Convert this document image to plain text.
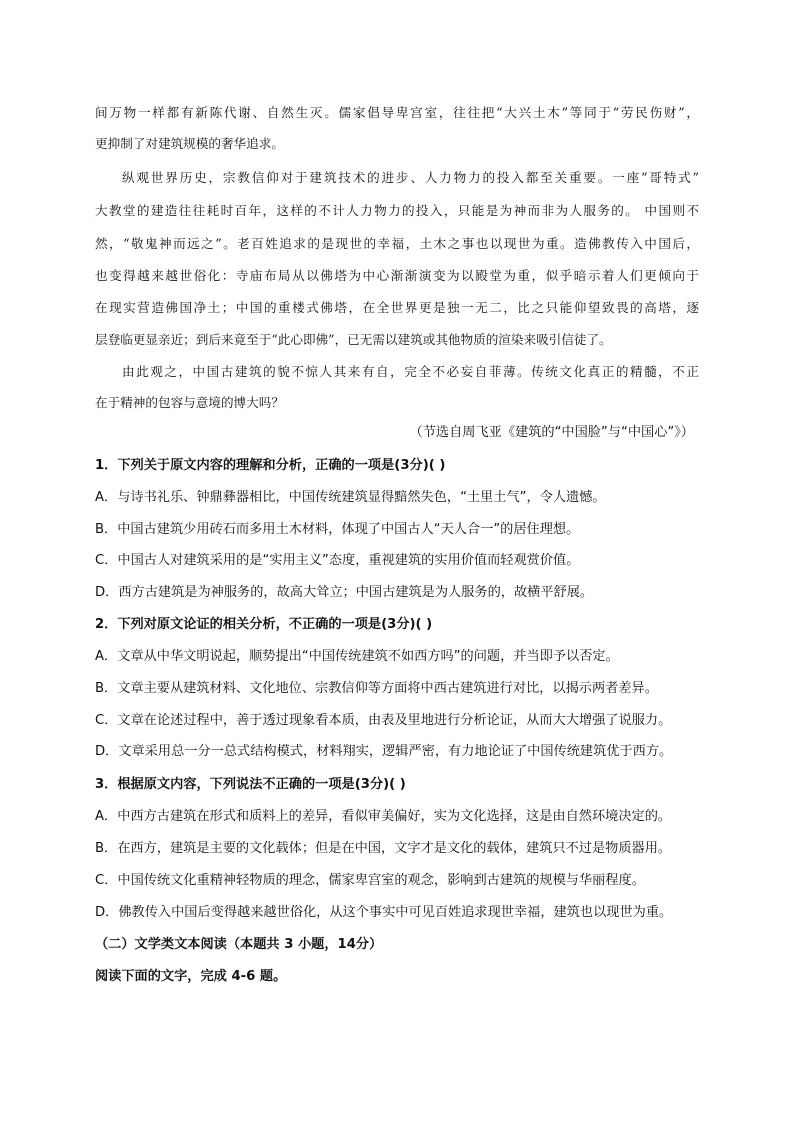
间万物一样都有新陈代谢、自然生灭。儒家倡导卑宫室，往往把“大兴土木”等同于“劳民伤财”，
更抑制了对建筑规模的奢华追求。
纵观世界历史，宗教信仰对于建筑技术的进步、人力物力的投入都至关重要。一座“哥特式”
大教堂的建造往往耗时百年，这样的不计人力物力的投入，只能是为神而非为人服务的。 中国则不
然，“敬鬼神而远之”。老百姓追求的是现世的幸福，土木之事也以现世为重。造佛教传入中国后，
也变得越来越世俗化：寺庙布局从以佛塔为中心渐渐演变为以殿堂为重，似乎暗示着人们更倾向于
在现实营造佛国净土；中国的重楼式佛塔，在全世界更是独一无二，比之只能仰望致畏的高塔，逐
层登临更显亲近；到后来竟至于“此心即佛”，已无需以建筑或其他物质的渲染来吸引信徒了。
由此观之，中国古建筑的貌不惊人其来有自，完全不必妄自菲薄。传统文化真正的精髓，不正
在于精神的包容与意境的博大吗？
（节选自周飞亚《建筑的“中国脸”与“中国心”》）
1．下列关于原文内容的理解和分析，正确的一项是(3分)( )
A．与诗书礼乐、钟鼎彝器相比，中国传统建筑显得黯然失色，“土里土气”，令人遗憾。
B．中国古建筑少用砖石而多用土木材料，体现了中国古人“天人合一”的居住理想。
C．中国古人对建筑采用的是“实用主义”态度，重视建筑的实用价值而轻观赏价值。
D．西方古建筑是为神服务的，故高大耸立；中国古建筑是为人服务的，故横平舒展。
2．下列对原文论证的相关分析，不正确的一项是(3分)( )
A．文章从中华文明说起，顺势提出“中国传统建筑不如西方吗”的问题，并当即予以否定。
B．文章主要从建筑材料、文化地位、宗教信仰等方面将中西古建筑进行对比，以揭示两者差异。
C．文章在论述过程中，善于透过现象看本质，由表及里地进行分析论证，从而大大增强了说服力。
D．文章采用总一分一总式结构模式，材料翔实，逻辑严密，有力地论证了中国传统建筑优于西方。
3．根据原文内容，下列说法不正确的一项是(3分)( )
A．中西方古建筑在形式和质料上的差异，看似审美偏好，实为文化选择，这是由自然环境决定的。
B．在西方，建筑是主要的文化载体；但是在中国，文字才是文化的载体，建筑只不过是物质器用。
C．中国传统文化重精神轻物质的理念，儒家卑宫室的观念，影响到古建筑的规模与华丽程度。
D．佛教传入中国后变得越来越世俗化，从这个事实中可见百姓追求现世幸福，建筑也以现世为重。
（二）文学类文本阅读（本题共 3 小题，14分）
阅读下面的文字，完成 4-6 题。
